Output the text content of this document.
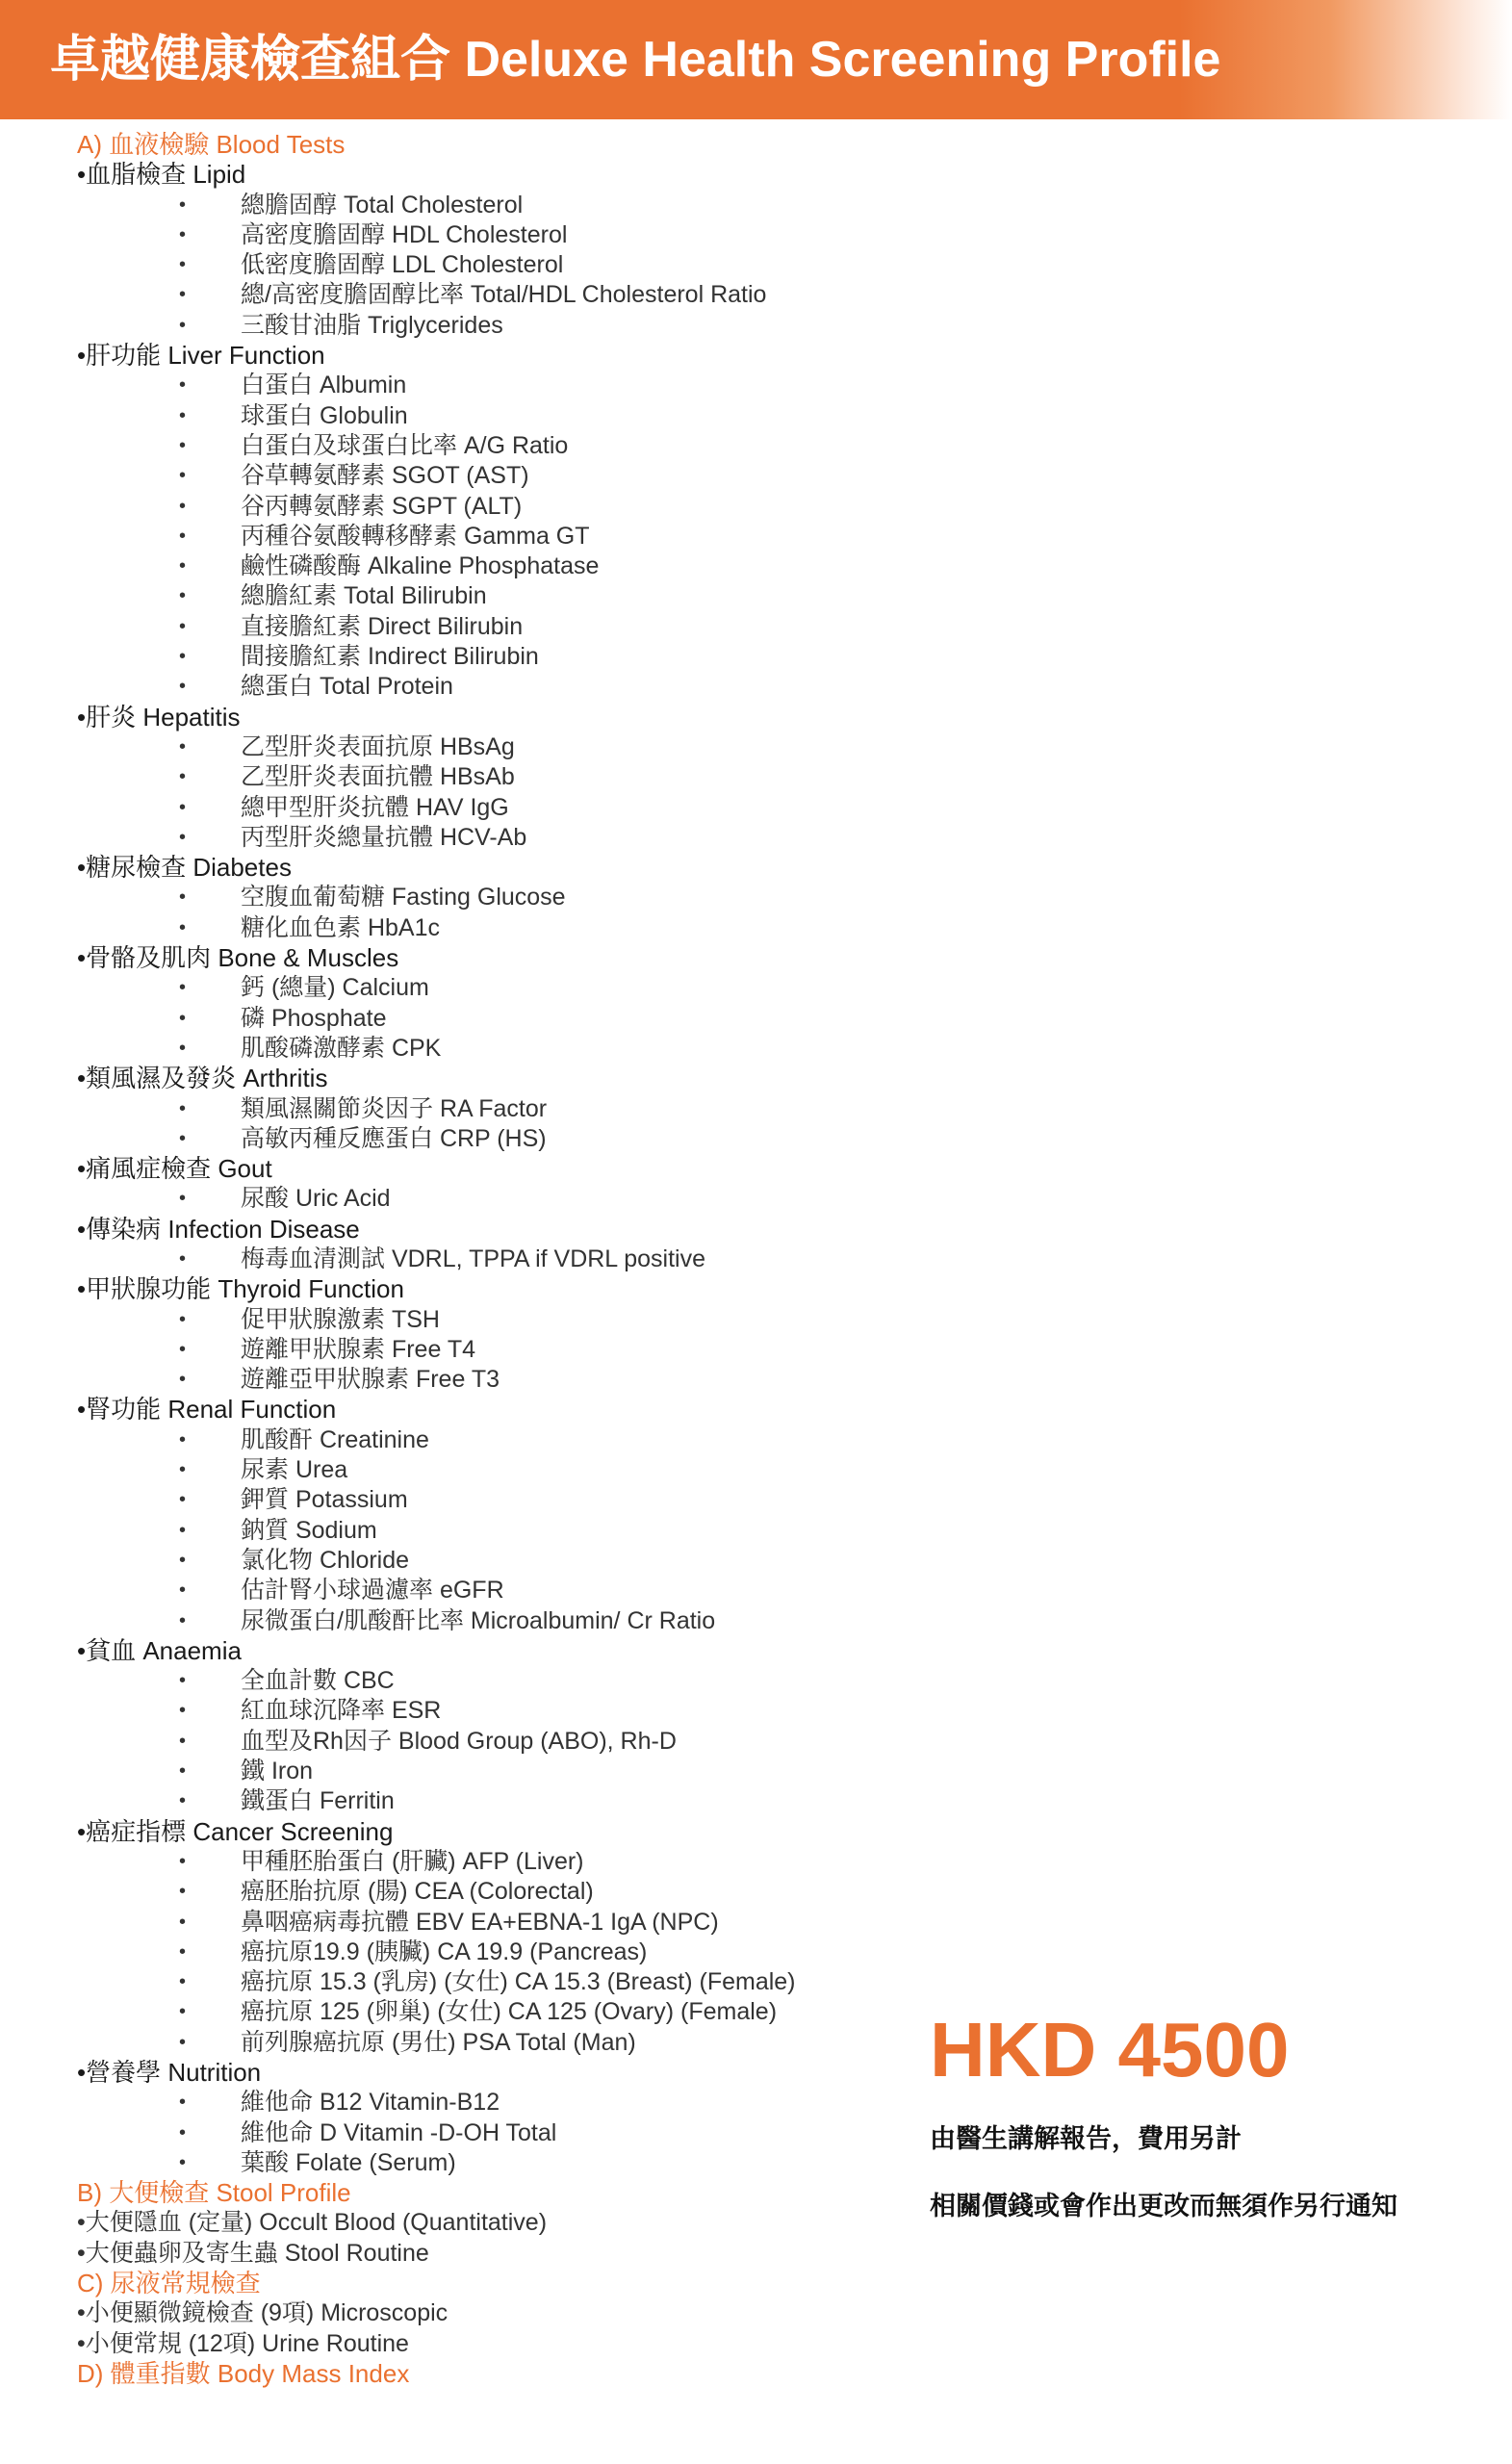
卓越健康檢查組合 Deluxe Health Screening Profile
A) 血液檢驗 Blood Tests
•血脂檢查 Lipid
• 總膽固醇 Total Cholesterol
• 高密度膽固醇 HDL Cholesterol
• 低密度膽固醇 LDL Cholesterol
• 總/高密度膽固醇比率 Total/HDL Cholesterol Ratio
• 三酸甘油脂 Triglycerides
•肝功能 Liver Function
• 白蛋白 Albumin
• 球蛋白 Globulin
• 白蛋白及球蛋白比率 A/G Ratio
• 谷草轉氨酵素 SGOT (AST)
• 谷丙轉氨酵素 SGPT (ALT)
• 丙種谷氨酸轉移酵素 Gamma GT
• 鹼性磷酸酶 Alkaline Phosphatase
• 總膽紅素 Total Bilirubin
• 直接膽紅素 Direct Bilirubin
• 間接膽紅素 Indirect Bilirubin
• 總蛋白 Total Protein
•肝炎 Hepatitis
• 乙型肝炎表面抗原 HBsAg
• 乙型肝炎表面抗體 HBsAb
• 總甲型肝炎抗體 HAV IgG
• 丙型肝炎總量抗體 HCV-Ab
•糖尿檢查 Diabetes
• 空腹血葡萄糖 Fasting Glucose
• 糖化血色素 HbA1c
•骨骼及肌肉 Bone & Muscles
• 鈣 (總量) Calcium
• 磷 Phosphate
• 肌酸磷激酵素 CPK
•類風濕及發炎 Arthritis
• 類風濕關節炎因子 RA Factor
• 高敏丙種反應蛋白 CRP (HS)
•痛風症檢查 Gout
• 尿酸 Uric Acid
•傳染病 Infection Disease
• 梅毒血清測試 VDRL, TPPA if VDRL positive
•甲狀腺功能 Thyroid Function
• 促甲狀腺激素 TSH
• 遊離甲狀腺素 Free T4
• 遊離亞甲狀腺素 Free T3
•腎功能 Renal Function
• 肌酸酐 Creatinine
• 尿素 Urea
• 鉀質 Potassium
• 鈉質 Sodium
• 氯化物 Chloride
• 估計腎小球過濾率 eGFR
• 尿微蛋白/肌酸酐比率 Microalbumin/ Cr Ratio
•貧血 Anaemia
• 全血計數 CBC
• 紅血球沉降率 ESR
• 血型及Rh因子 Blood Group (ABO), Rh-D
• 鐵 Iron
• 鐵蛋白 Ferritin
•癌症指標 Cancer Screening
• 甲種胚胎蛋白 (肝臟) AFP (Liver)
• 癌胚胎抗原 (腸) CEA (Colorectal)
• 鼻咽癌病毒抗體 EBV EA+EBNA-1 IgA (NPC)
• 癌抗原19.9 (胰臟) CA 19.9 (Pancreas)
• 癌抗原 15.3 (乳房) (女仕) CA 15.3 (Breast) (Female)
• 癌抗原 125 (卵巢) (女仕) CA 125 (Ovary) (Female)
• 前列腺癌抗原 (男仕) PSA Total (Man)
•營養學 Nutrition
• 維他命 B12 Vitamin-B12
• 維他命 D Vitamin -D-OH Total
• 葉酸 Folate (Serum)
B) 大便檢查 Stool Profile
•大便隱血 (定量) Occult Blood (Quantitative)
•大便蟲卵及寄生蟲 Stool Routine
C) 尿液常規檢查
•小便顯微鏡檢查 (9項) Microscopic
•小便常規 (12項) Urine Routine
D) 體重指數 Body Mass Index
HKD 4500
由醫生講解報告，費用另計
相關價錢或會作出更改而無須作另行通知
